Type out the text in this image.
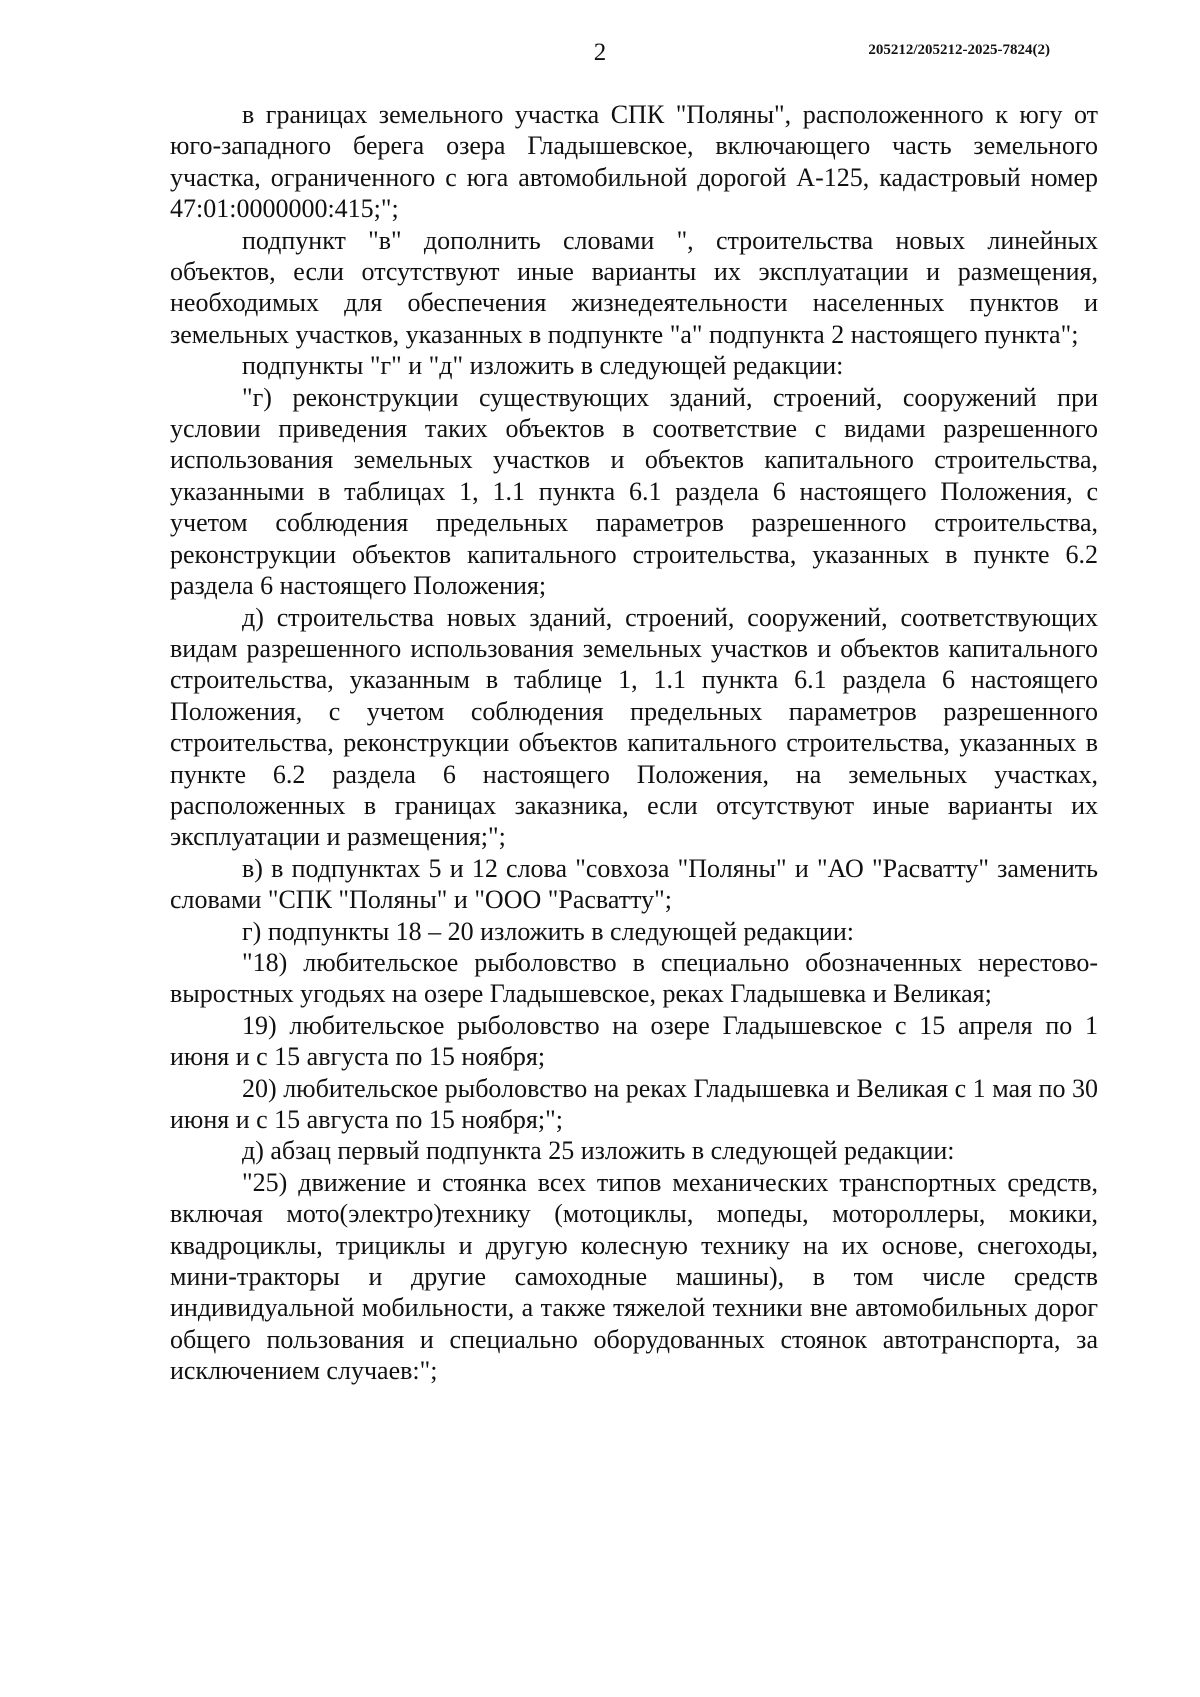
2	205212/205212-2025-7824(2)

в границах земельного участка СПК "Поляны", расположенного к югу от юго-западного берега озера Гладышевское, включающего часть земельного участка, ограниченного с юга автомобильной дорогой А-125, кадастровый номер 47:01:0000000:415;";

подпункт "в" дополнить словами ", строительства новых линейных объектов, если отсутствуют иные варианты их эксплуатации и размещения, необходимых для обеспечения жизнедеятельности населенных пунктов и земельных участков, указанных в подпункте "а" подпункта 2 настоящего пункта";

подпункты "г" и "д" изложить в следующей редакции:

"г) реконструкции существующих зданий, строений, сооружений при условии приведения таких объектов в соответствие с видами разрешенного использования земельных участков и объектов капитального строительства, указанными в таблицах 1, 1.1 пункта 6.1 раздела 6 настоящего Положения, с учетом соблюдения предельных параметров разрешенного строительства, реконструкции объектов капитального строительства, указанных в пункте 6.2 раздела 6 настоящего Положения;

д) строительства новых зданий, строений, сооружений, соответствующих видам разрешенного использования земельных участков и объектов капитального строительства, указанным в таблице 1, 1.1 пункта 6.1 раздела 6 настоящего Положения, с учетом соблюдения предельных параметров разрешенного строительства, реконструкции объектов капитального строительства, указанных в пункте 6.2 раздела 6 настоящего Положения, на земельных участках, расположенных в границах заказника, если отсутствуют иные варианты их эксплуатации и размещения;";

в) в подпунктах 5 и 12 слова "совхоза "Поляны" и "АО "Расватту" заменить словами "СПК "Поляны" и "ООО "Расватту";

г) подпункты 18 – 20 изложить в следующей редакции:

"18) любительское рыболовство в специально обозначенных нерестово-выростных угодьях на озере Гладышевское, реках Гладышевка и Великая;

19) любительское рыболовство на озере Гладышевское с 15 апреля по 1 июня и с 15 августа по 15 ноября;

20) любительское рыболовство на реках Гладышевка и Великая с 1 мая по 30 июня и с 15 августа по 15 ноября;";

д) абзац первый подпункта 25 изложить в следующей редакции:

"25) движение и стоянка всех типов механических транспортных средств, включая мото(электро)технику (мотоциклы, мопеды, мотороллеры, мокики, квадроциклы, трициклы и другую колесную технику на их основе, снегоходы, мини-тракторы и другие самоходные машины), в том числе средств индивидуальной мобильности, а также тяжелой техники вне автомобильных дорог общего пользования и специально оборудованных стоянок автотранспорта, за исключением случаев:";
